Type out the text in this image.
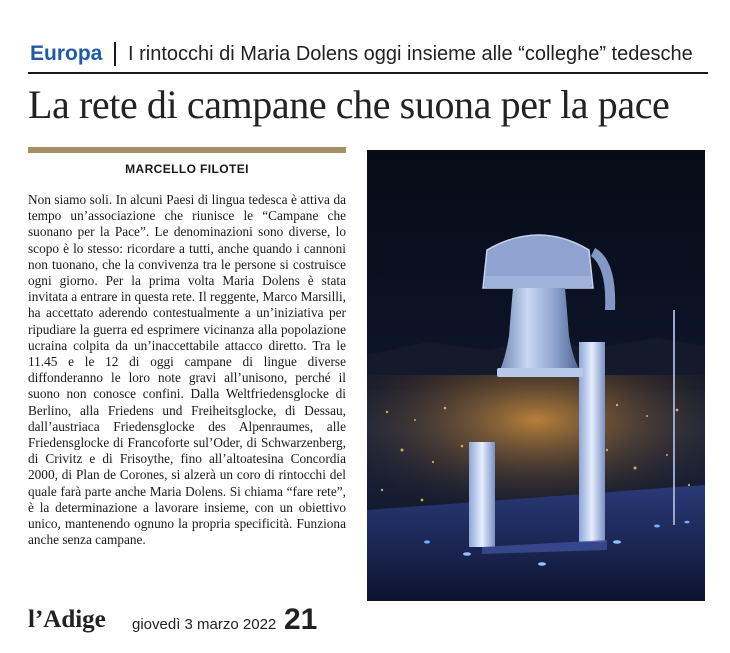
Europa I rintocchi di Maria Dolens oggi insieme alle “colleghe” tedesche
La rete di campane che suona per la pace
MARCELLO FILOTEI

Non siamo soli. In alcuni Paesi di lingua tedesca è attiva da tempo un’associazione che riunisce le “Campane che suonano per la Pace”. Le denominazioni sono diverse, lo scopo è lo stesso: ricordare a tutti, anche quando i cannoni non tuonano, che la convivenza tra le persone si costruisce ogni giorno. Per la prima volta Maria Dolens è stata invitata a entrare in questa rete. Il reggente, Marco Marsilli, ha accettato aderendo contestualmente a un’iniziativa per ripudiare la guerra ed esprimere vicinanza alla popolazione ucraina colpita da un’inaccettabile attacco diretto. Tra le 11.45 e le 12 di oggi campane di lingue diverse diffonderanno le loro note gravi all’unisono, perché il suono non conosce confini. Dalla Weltfriedensglocke di Berlino, alla Friedens und Freiheitsglocke, di Dessau, dall’austriaca Friedensglocke des Alpenraumes, alle Friedensglocke di Francoforte sul’Oder, di Schwarzenberg, di Crivitz e di Frisoythe, fino all’altoatesina Concordia 2000, di Plan de Corones, si alzerà un coro di rintocchi del quale farà parte anche Maria Dolens. Si chiama “fare rete”, è la determinazione a lavorare insieme, con un obiettivo unico, mantenendo ognuno la propria specificità. Funziona anche senza campane.

l’Adige giovedì 3 marzo 2022 21
